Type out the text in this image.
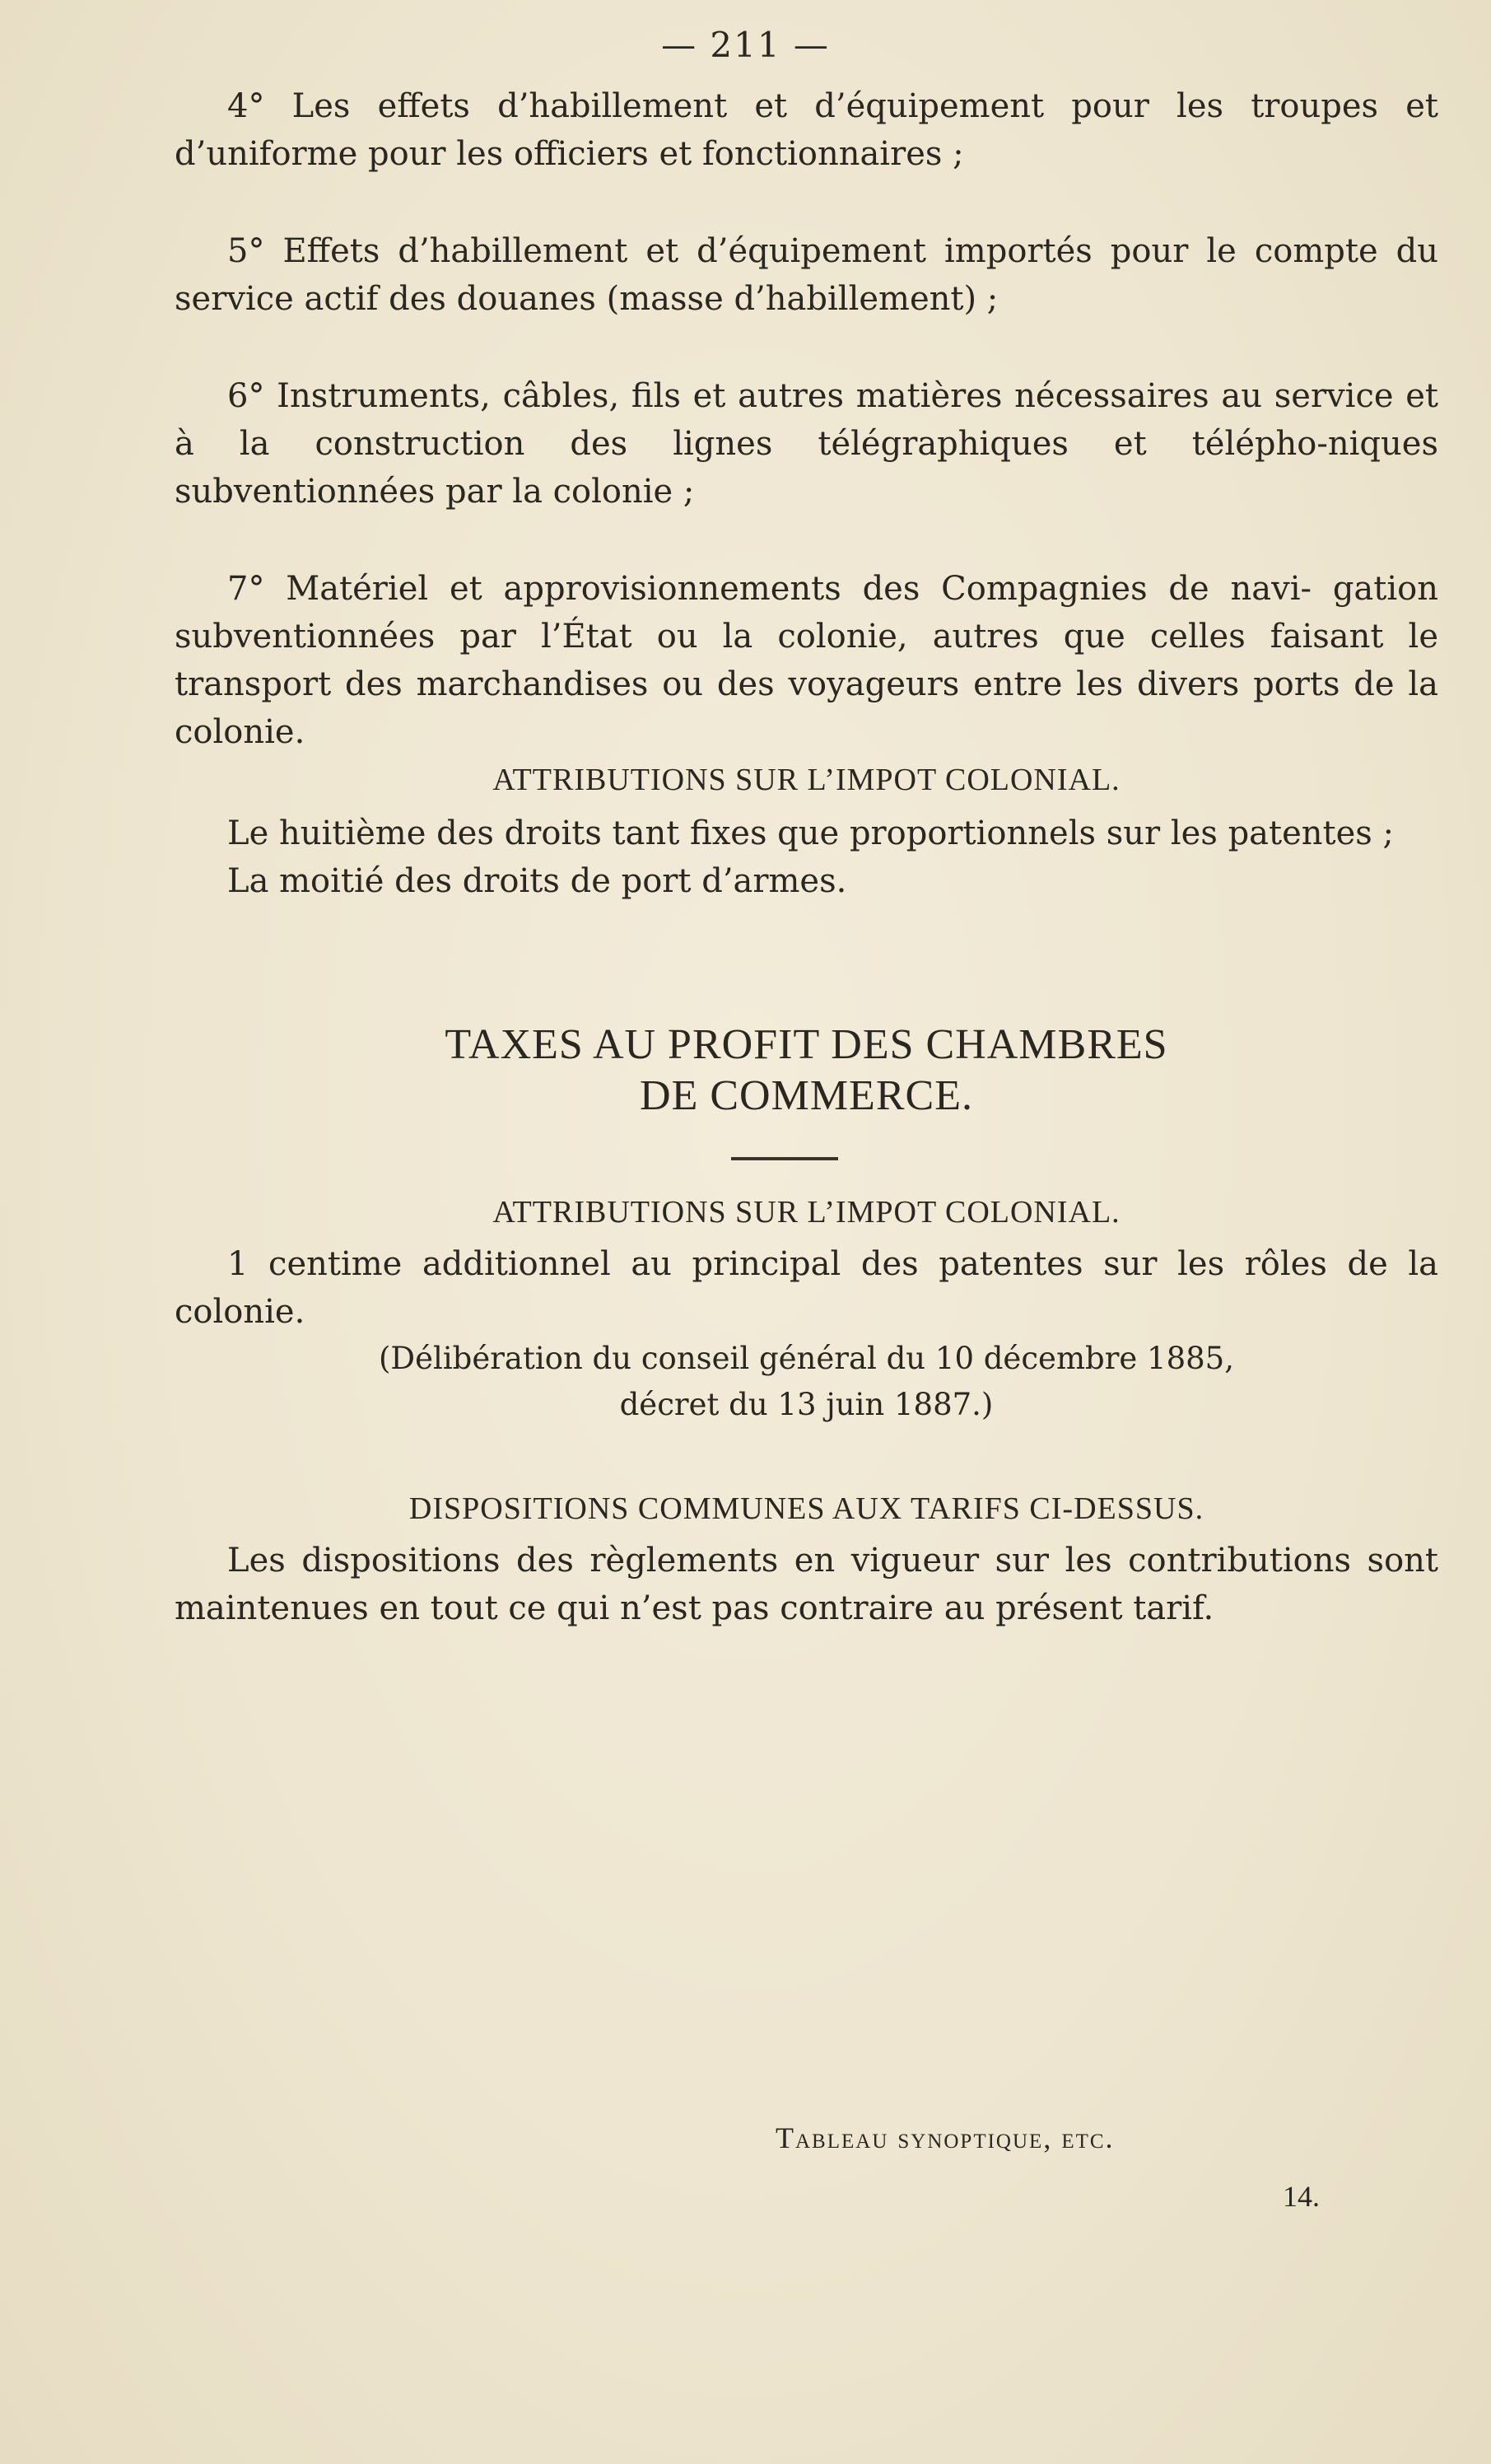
— 211 —

4° Les effets d’habillement et d’équipement pour les troupes et d’uniforme pour les officiers et fonctionnaires ;

5° Effets d’habillement et d’équipement importés pour le compte du service actif des douanes (masse d’habillement) ;

6° Instruments, câbles, fils et autres matières nécessaires au service et à la construction des lignes télégraphiques et télépho-niques subventionnées par la colonie ;

7° Matériel et approvisionnements des Compagnies de navi- gation subventionnées par l’État ou la colonie, autres que celles faisant le transport des marchandises ou des voyageurs entre les divers ports de la colonie.

ATTRIBUTIONS SUR L’IMPOT COLONIAL.

Le huitième des droits tant fixes que proportionnels sur les patentes ;

La moitié des droits de port d’armes.

TAXES AU PROFIT DES CHAMBRES

DE COMMERCE.

ATTRIBUTIONS SUR L’IMPOT COLONIAL.

1 centime additionnel au principal des patentes sur les rôles de la colonie.

(Délibération du conseil général du 10 décembre 1885,

décret du 13 juin 1887.)

DISPOSITIONS COMMUNES AUX TARIFS CI-DESSUS.

Les dispositions des règlements en vigueur sur les contributions sont maintenues en tout ce qui n’est pas contraire au présent tarif.

Tableau synoptique, etc.
14.
